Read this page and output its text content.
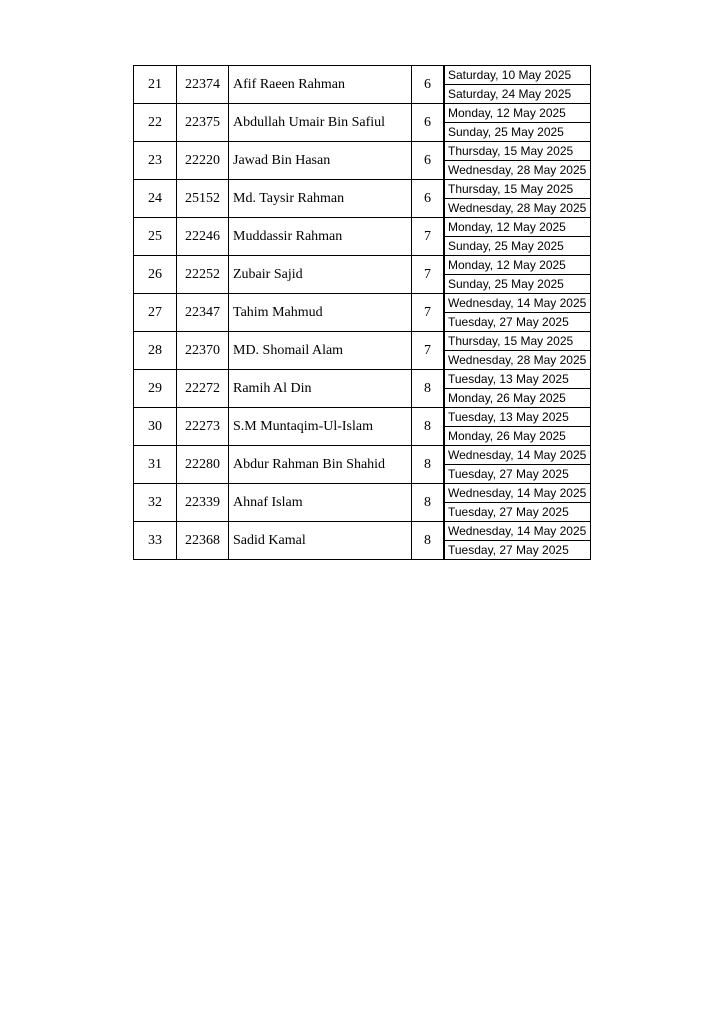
21	22374	Afif Raeen Rahman	6		Saturday, 10 May 2025
				Saturday, 24 May 2025
22	22375	Abdullah Umair Bin Safiul	6		Monday, 12 May 2025
				Sunday, 25 May 2025
23	22220	Jawad Bin Hasan	6		Thursday, 15 May 2025
				Wednesday, 28 May 2025
24	25152	Md. Taysir Rahman	6		Thursday, 15 May 2025
				Wednesday, 28 May 2025
25	22246	Muddassir Rahman	7		Monday, 12 May 2025
				Sunday, 25 May 2025
26	22252	Zubair Sajid	7		Monday, 12 May 2025
				Sunday, 25 May 2025
27	22347	Tahim Mahmud	7		Wednesday, 14 May 2025
				Tuesday, 27 May 2025
28	22370	MD. Shomail Alam	7		Thursday, 15 May 2025
				Wednesday, 28 May 2025
29	22272	Ramih Al Din	8		Tuesday, 13 May 2025
				Monday, 26 May 2025
30	22273	S.M Muntaqim-Ul-Islam	8		Tuesday, 13 May 2025
				Monday, 26 May 2025
31	22280	Abdur Rahman Bin Shahid	8		Wednesday, 14 May 2025
				Tuesday, 27 May 2025
32	22339	Ahnaf Islam	8		Wednesday, 14 May 2025
				Tuesday, 27 May 2025
33	22368	Sadid Kamal	8		Wednesday, 14 May 2025
				Tuesday, 27 May 2025
